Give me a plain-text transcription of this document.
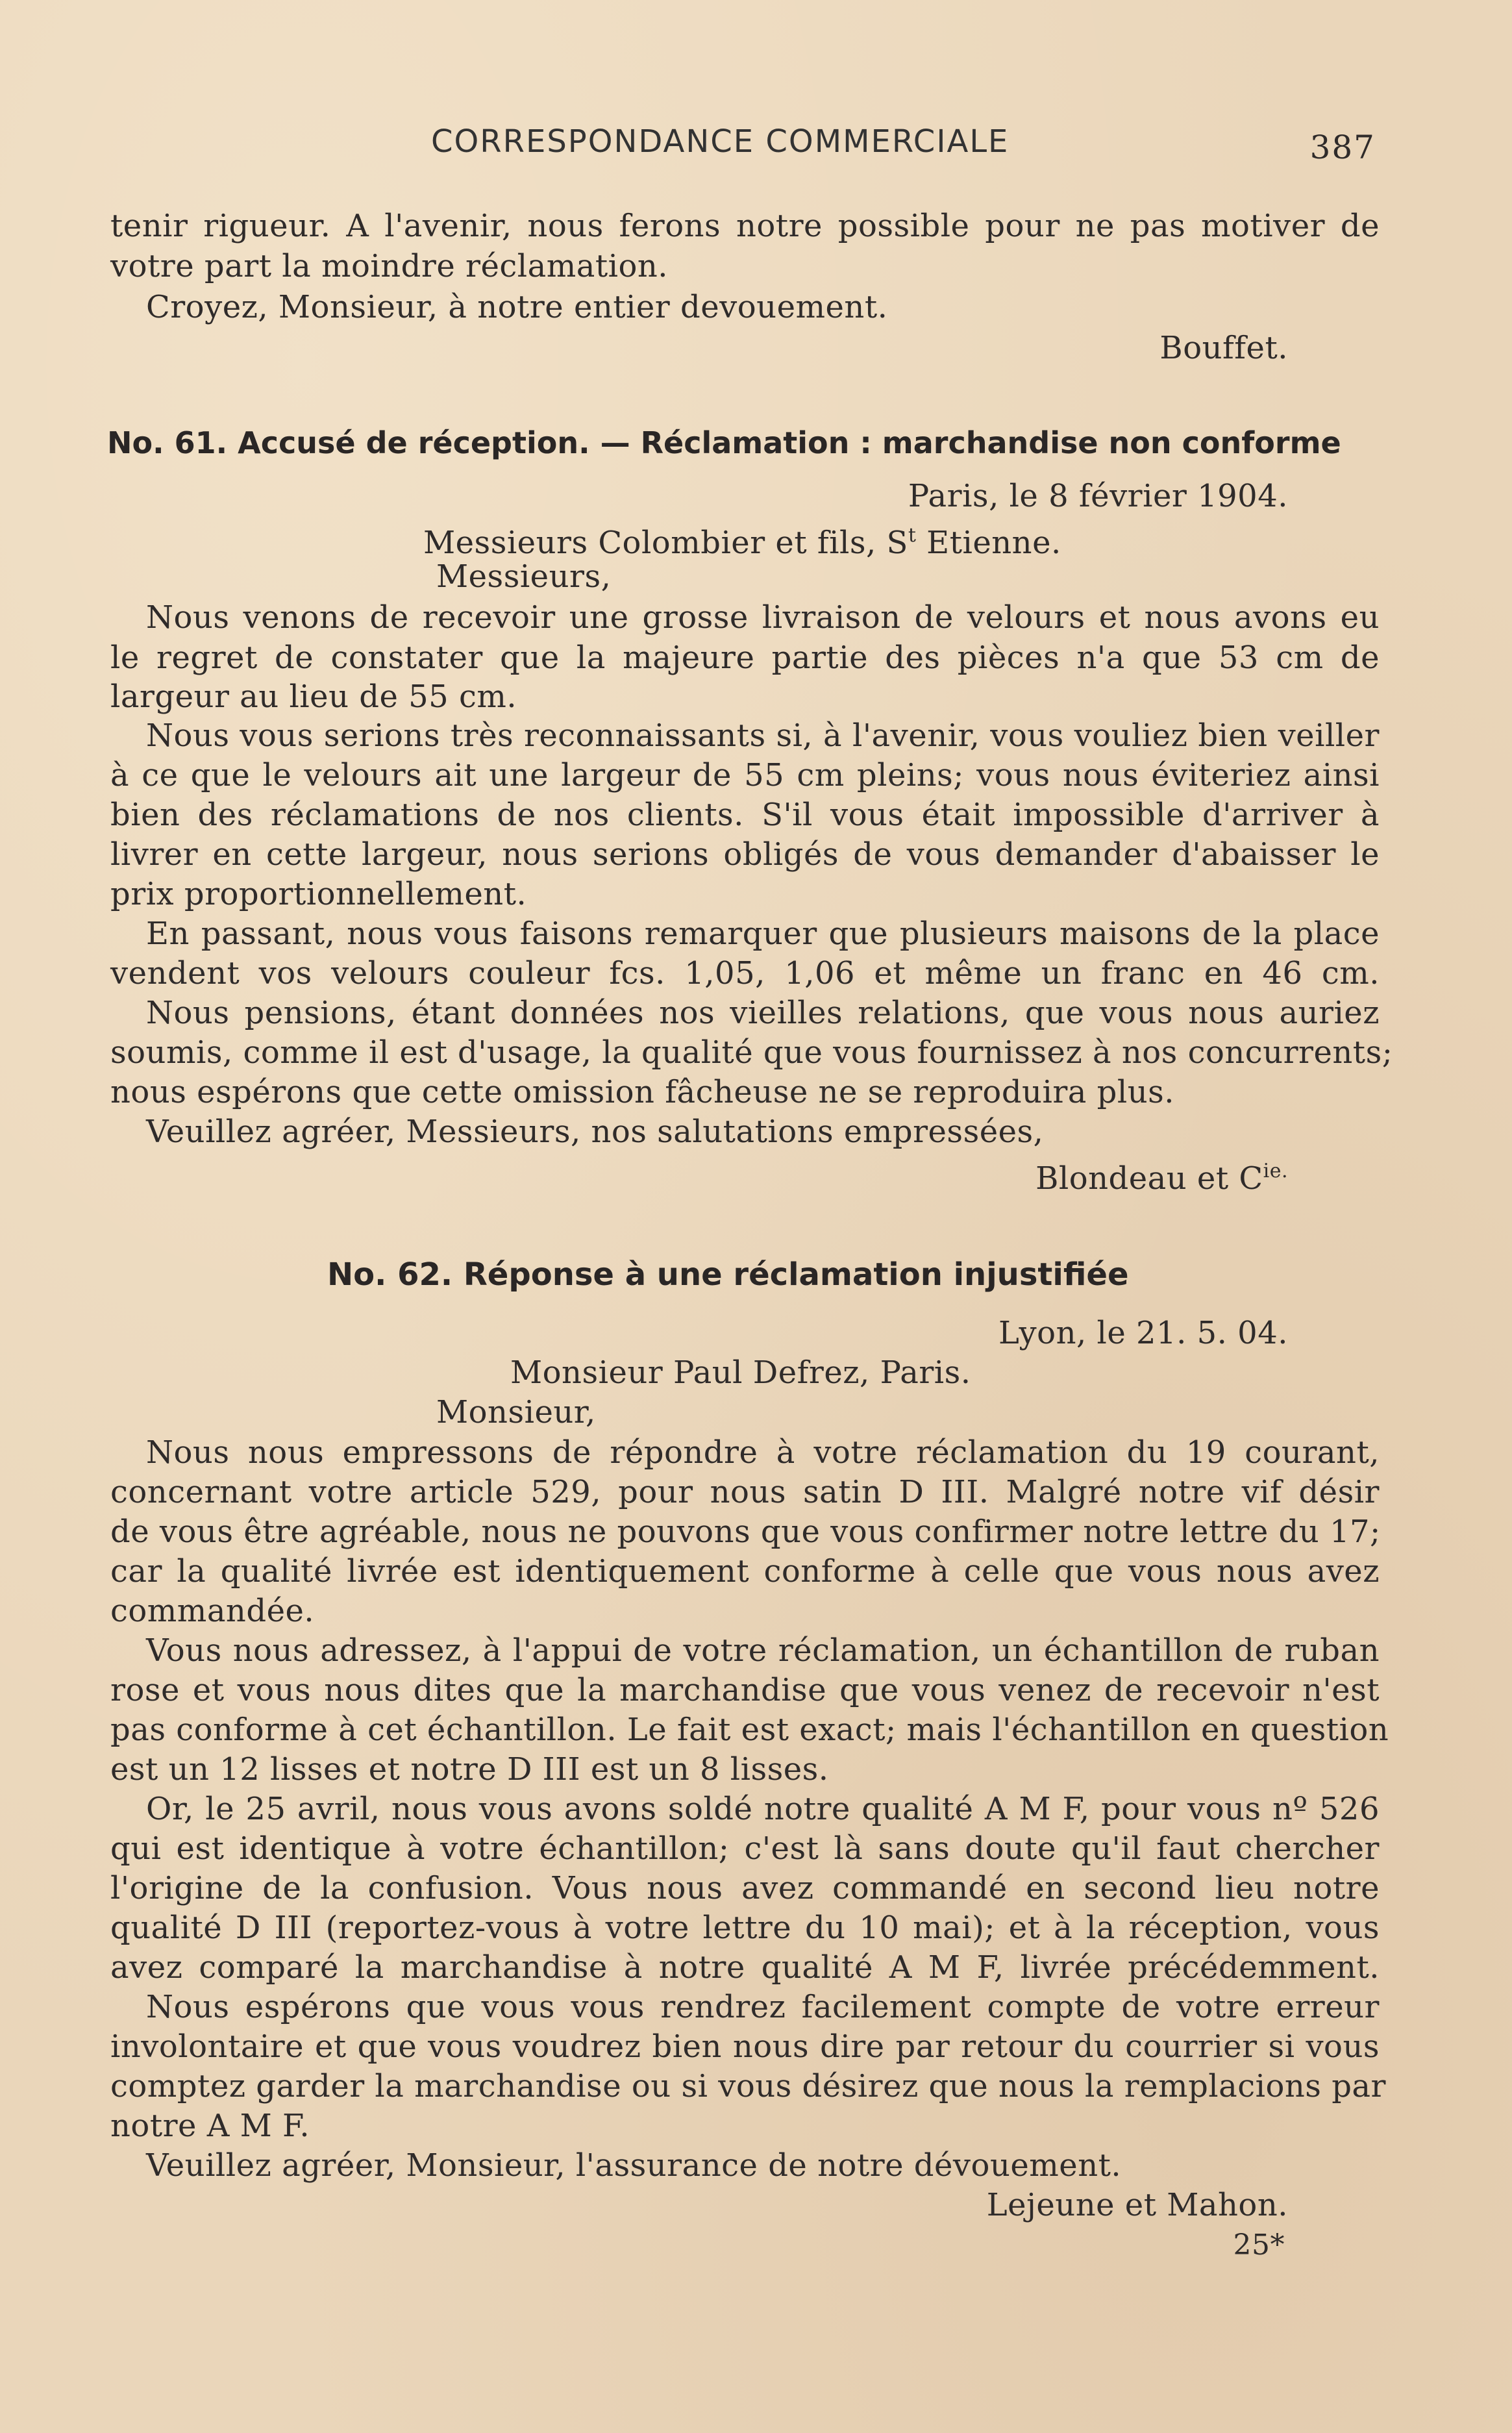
CORRESPONDANCE COMMERCIALE	387
tenir rigueur. A l'avenir, nous ferons notre possible pour ne pas motiver de
votre part la moindre réclamation.
Croyez, Monsieur, à notre entier devouement.
Bouffet.
No. 61. Accusé de réception. — Réclamation : marchandise non conforme
Paris, le 8 février 1904.
Messieurs Colombier et fils, $S^t$ Etienne.
Messieurs,
Nous venons de recevoir une grosse livraison de velours et nous avons eu
le regret de constater que la majeure partie des pièces n'a que 53 cm de
largeur au lieu de 55 cm.
Nous vous serions très reconnaissants si, à l'avenir, vous vouliez bien veiller
à ce que le velours ait une largeur de 55 cm pleins; vous nous éviteriez ainsi
bien des réclamations de nos clients. S'il vous était impossible d'arriver à
livrer en cette largeur, nous serions obligés de vous demander d'abaisser le
prix proportionnellement.
En passant, nous vous faisons remarquer que plusieurs maisons de la place
vendent vos velours couleur fcs. 1,05, 1,06 et même un franc en 46 cm.
Nous pensions, étant données nos vieilles relations, que vous nous auriez
soumis, comme il est d'usage, la qualité que vous fournissez à nos concurrents;
nous espérons que cette omission fâcheuse ne se reproduira plus.
Veuillez agréer, Messieurs, nos salutations empressées,
Blondeau et $C^{ie.}$
No. 62. Réponse à une réclamation injustifiée
Lyon, le 21. 5. 04.
Monsieur Paul Defrez, Paris.
Monsieur,
Nous nous empressons de répondre à votre réclamation du 19 courant,
concernant votre article 529, pour nous satin D III. Malgré notre vif désir
de vous être agréable, nous ne pouvons que vous confirmer notre lettre du 17;
car la qualité livrée est identiquement conforme à celle que vous nous avez
commandée.
Vous nous adressez, à l'appui de votre réclamation, un échantillon de ruban
rose et vous nous dites que la marchandise que vous venez de recevoir n'est
pas conforme à cet échantillon. Le fait est exact; mais l'échantillon en question
est un 12 lisses et notre D III est un 8 lisses.
Or, le 25 avril, nous vous avons soldé notre qualité A M F, pour vous nº 526
qui est identique à votre échantillon; c'est là sans doute qu'il faut chercher
l'origine de la confusion. Vous nous avez commandé en second lieu notre
qualité D III (reportez-vous à votre lettre du 10 mai); et à la réception, vous
avez comparé la marchandise à notre qualité A M F, livrée précédemment.
Nous espérons que vous vous rendrez facilement compte de votre erreur
involontaire et que vous voudrez bien nous dire par retour du courrier si vous
comptez garder la marchandise ou si vous désirez que nous la remplacions par
notre A M F.
Veuillez agréer, Monsieur, l'assurance de notre dévouement.
Lejeune et Mahon.
25*
